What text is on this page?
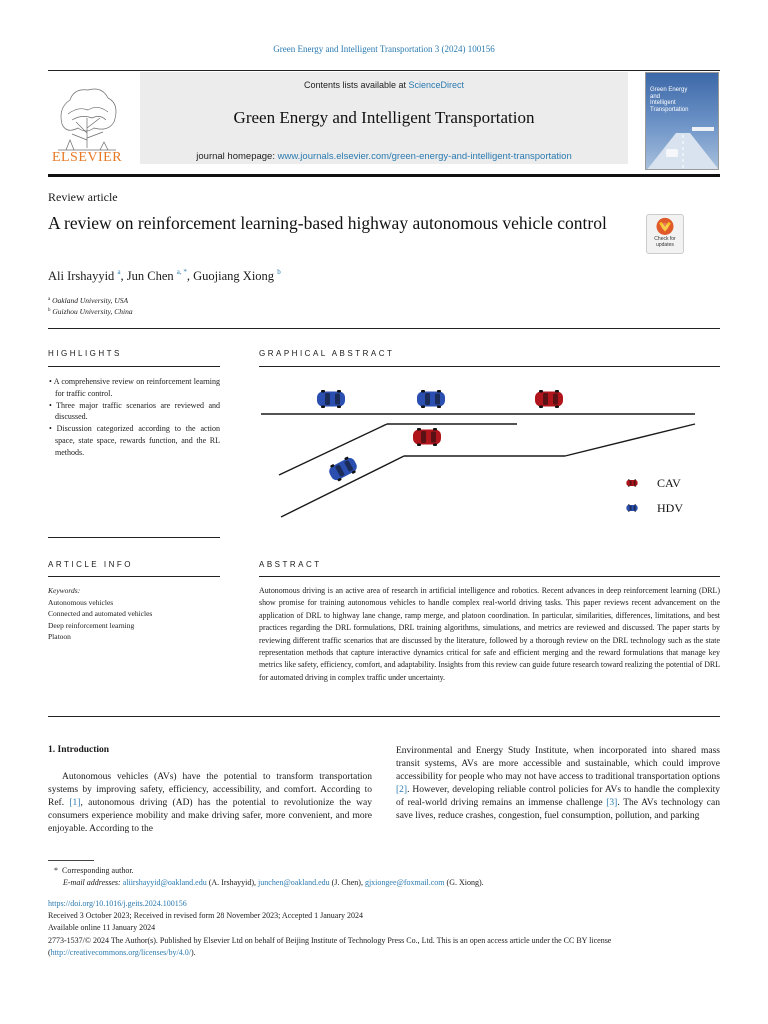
Green Energy and Intelligent Transportation 3 (2024) 100156
ELSEVIER
Contents lists available at ScienceDirect
Green Energy and Intelligent Transportation
journal homepage: www.journals.elsevier.com/green-energy-and-intelligent-transportation
Green Energy
and
Intelligent
Transportation
Review article
A review on reinforcement learning-based highway autonomous vehicle control
Check for updates
Ali Irshayyid $^a$, Jun Chen $^{a, *}$, Guojiang Xiong $^b$
$^a$ Oakland University, USA
$^b$ Guizhou University, China
HIGHLIGHTS
• A comprehensive review on reinforcement learning for traffic control.
• Three major traffic scenarios are reviewed and discussed.
• Discussion categorized according to the action space, state space, rewards function, and the RL methods.
GRAPHICAL ABSTRACT
CAV
HDV
ARTICLE INFO
Keywords:
Autonomous vehicles
Connected and automated vehicles
Deep reinforcement learning
Platoon
ABSTRACT
Autonomous driving is an active area of research in artificial intelligence and robotics. Recent advances in deep reinforcement learning (DRL) show promise for training autonomous vehicles to handle complex real-world driving tasks. This paper reviews recent advancement on the application of DRL to highway lane change, ramp merge, and platoon coordination. In particular, similarities, differences, limitations, and best practices regarding the DRL formulations, DRL training algorithms, simulations, and metrics are reviewed and discussed. The paper starts by reviewing different traffic scenarios that are discussed by the literature, followed by a thorough review on the DRL technology such as the state representation methods that capture interactive dynamics critical for safe and efficient merging and the reward formulations that manage key metrics like safety, efficiency, comfort, and adaptability. Insights from this review can guide future research toward realizing the potential of DRL for automated driving in complex traffic under uncertainty.
1. Introduction
Autonomous vehicles (AVs) have the potential to transform transportation systems by improving safety, efficiency, accessibility, and comfort. According to Ref. [1], autonomous driving (AD) has the potential to revolutionize the way consumers experience mobility and make driving safer, more convenient, and more enjoyable. According to the
Environmental and Energy Study Institute, when incorporated into shared mass transit systems, AVs are more accessible and sustainable, which could improve accessibility for people who may not have access to traditional transportation options [2]. However, developing reliable control policies for AVs to handle the complexity of real-world driving remains an immense challenge [3]. The AVs technology can save lives, reduce crashes, congestion, fuel consumption, pollution, and parking
* Corresponding author.
E-mail addresses: aliirshayyid@oakland.edu (A. Irshayyid), junchen@oakland.edu (J. Chen), gjxiongee@foxmail.com (G. Xiong).
https://doi.org/10.1016/j.geits.2024.100156
Received 3 October 2023; Received in revised form 28 November 2023; Accepted 1 January 2024
Available online 11 January 2024
2773-1537/© 2024 The Author(s). Published by Elsevier Ltd on behalf of Beijing Institute of Technology Press Co., Ltd. This is an open access article under the CC BY license (http://creativecommons.org/licenses/by/4.0/).
